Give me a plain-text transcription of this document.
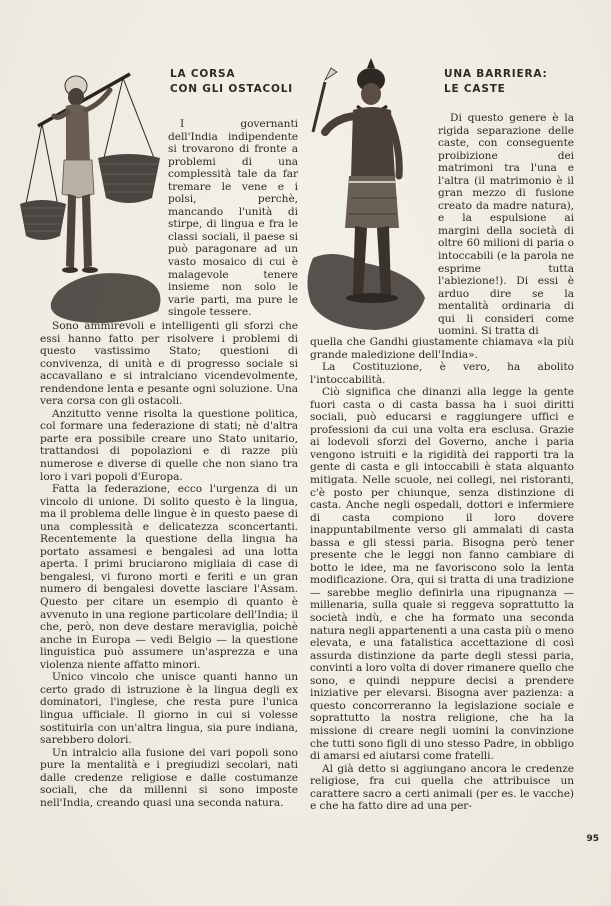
LA CORSA
CON GLI OSTACOLI
UNA BARRIERA:
LE CASTE

I governanti dell'India indipendente si trovarono di fronte a problemi di una complessità tale da far tremare le vene e i polsi, perchè, mancando l'unità di stirpe, di lingua e fra le classi sociali, il paese si può paragonare ad un vasto mosaico di cui è malagevole tenere insieme non solo le varie parti, ma pure le singole tessere.

Sono ammirevoli e intelligenti gli sforzi che essi hanno fatto per risolvere i problemi di questo vastissimo Stato; questioni di convivenza, di unità e di progresso sociale si accavallano e si intralciano vicendevolmente, rendendone lenta e pesante ogni soluzione. Una vera corsa con gli ostacoli.

Anzitutto venne risolta la questione politica, col formare una federazione di stati; nè d'altra parte era possibile creare uno Stato unitario, trattandosi di popolazioni e di razze più numerose e diverse di quelle che non siano tra loro i vari popoli d'Europa.

Fatta la federazione, ecco l'urgenza di un vincolo di unione. Di solito questo è la lingua, ma il problema delle lingue è in questo paese di una complessità e delicatezza sconcertanti. Recentemente la questione della lingua ha portato assamesi e bengalesi ad una lotta aperta. I primi bruciarono migliaia di case di bengalesi, vi furono morti e feriti e un gran numero di bengalesi dovette lasciare l'Assam. Questo per citare un esempio di quanto è avvenuto in una regione particolare dell'India; il che, però, non deve destare meraviglia, poichè anche in Europa — vedi Belgio — la questione linguistica può assumere un'asprezza e una violenza niente affatto minori.

Unico vincolo che unisce quanti hanno un certo grado di istruzione è la lingua degli ex dominatori, l'inglese, che resta pure l'unica lingua ufficiale. Il giorno in cui si volesse sostituirla con un'altra lingua, sia pure indiana, sarebbero dolori.

Un intralcio alla fusione dei vari popoli sono pure la mentalità e i pregiudizi secolari, nati dalle credenze religiose e dalle costumanze sociali, che da millenni si sono imposte nell'India, creando quasi una seconda natura.

Di questo genere è la rigida separazione delle caste, con conseguente proibizione dei matrimoni tra l'una e l'altra (il matrimonio è il gran mezzo di fusione creato da madre natura), e la espulsione ai margini della società di oltre 60 milioni di paria o intoccabili (e la parola ne esprime tutta l'abiezione!). Di essi è arduo dire se la mentalità ordinaria di qui li consideri come uomini. Si tratta di

quella che Gandhi giustamente chiamava «la più grande maledizione dell'India».

La Costituzione, è vero, ha abolito l'intoccabilità.

Ciò significa che dinanzi alla legge la gente fuori casta o di casta bassa ha i suoi diritti sociali, può educarsi e raggiungere uffici e professioni da cui una volta era esclusa. Grazie ai lodevoli sforzi del Governo, anche i paria vengono istruiti e la rigidità dei rapporti tra la gente di casta e gli intoccabili è stata alquanto mitigata. Nelle scuole, nei collegi, nei ristoranti, c'è posto per chiunque, senza distinzione di casta. Anche negli ospedali, dottori e infermiere di casta compiono il loro dovere inappuntabilmente verso gli ammalati di casta bassa e gli stessi paria. Bisogna però tener presente che le leggi non fanno cambiare di botto le idee, ma ne favoriscono solo la lenta modificazione. Ora, qui si tratta di una tradizione — sarebbe meglio definirla una ripugnanza — millenaria, sulla quale si reggeva soprattutto la società indù, e che ha formato una seconda natura negli appartenenti a una casta più o meno elevata, e una fatalistica accettazione di così assurda distinzione da parte degli stessi paria, convinti a loro volta di dover rimanere quello che sono, e quindi neppure decisi a prendere iniziative per elevarsi. Bisogna aver pazienza: a questo concorreranno la legislazione sociale e soprattutto la nostra religione, che ha la missione di creare negli uomini la convinzione che tutti sono figli di uno stesso Padre, in obbligo di amarsi ed aiutarsi come fratelli.

Al già detto si aggiungano ancora le credenze religiose, fra cui quella che attribuisce un carattere sacro a certi animali (per es. le vacche) e che ha fatto dire ad una per-

95
